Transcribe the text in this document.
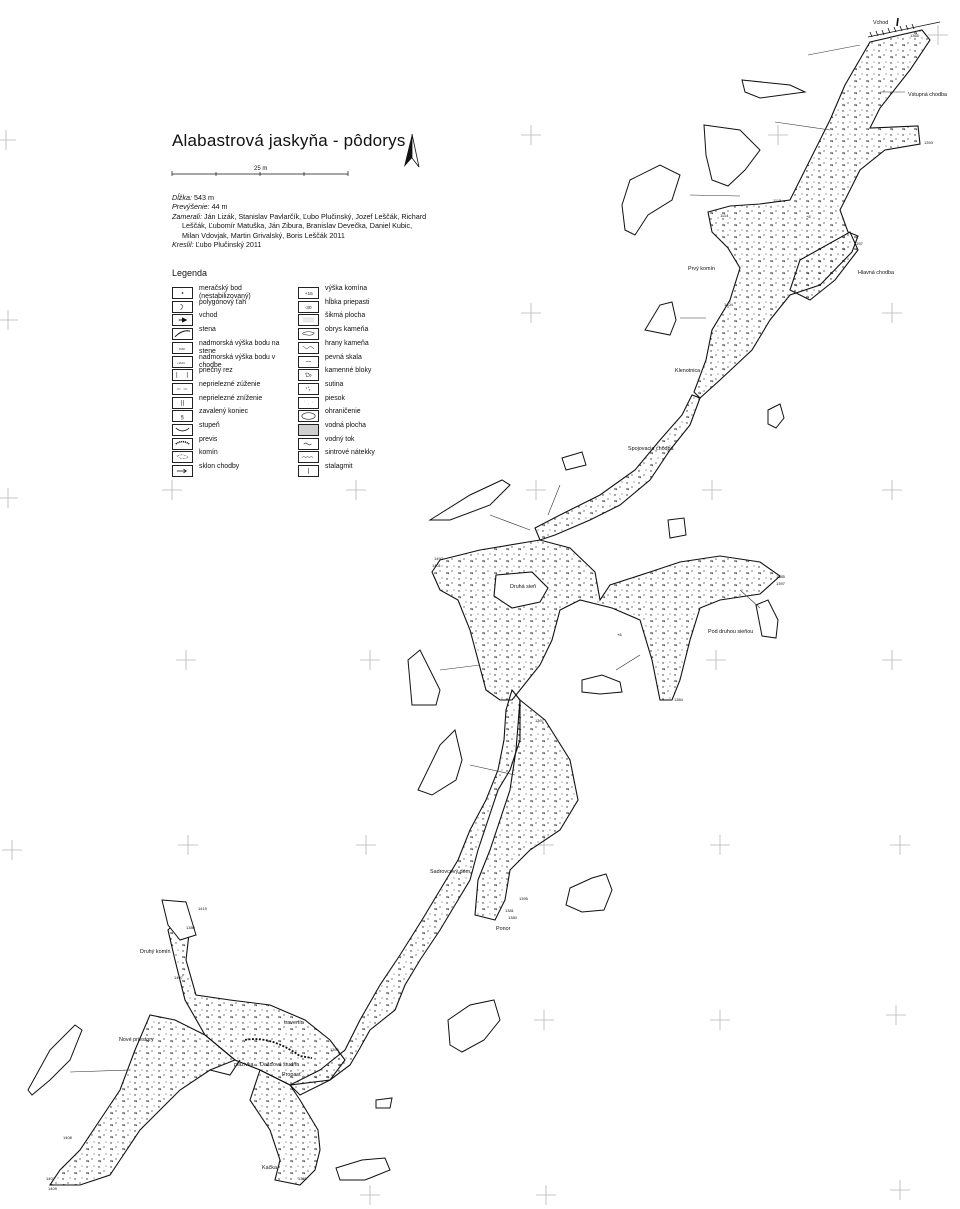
Alabastrová jaskyňa - pôdorys
25 m
Dĺžka: 543 m
Prevýšenie: 44 m
Zamerali: Ján Lizák, Stanislav Pavlarčík, Ľubo Plučinský, Jozef Leščák, Richard
Leščák, Ľubomír Matuška, Ján Zibura, Branislav Devečka, Daniel Kubic,
Milan Vdovjak, Martin Grivalský, Boris Leščák 2011
Kreslil: Ľubo Plučinský 2011
Legenda
meračský bod
(nestabilizovaný)
polygónový ťah
vchod
stena
1650
nadmorská výška bodu na
stene
+1610
nadmorská výška bodu v
chodbe
priečny rez
neprielezné zúženie
neprielezné zníženie
§
zavalený koniec
stupeň
previs
komín
sklon chodby
+15
výška komína
-30
hĺbka priepasti
šikmá plocha
obrys kameňa
hrany kameňa
pevná skala
kamenné bloky
sutina
piesok
ohraničenie
vodná plocha
vodný tok
sintrové nátekky
stalagmit
Vchod
Vstupná chodba
Prvý komín
Hlavná chodba
Klenotnica
Spojovacia chodba
Druhá sieň
Pod druhou sieňou
Sadrovcový dóm
Ponor
Druhý komín
Nové priestory
travertín
plazivka Dažďová studňa
Propasť
Kačka
1365
1393
1397
1115
1114
1404
+8
1493
1401
1385
1397
+8
1384
1397
1395
1381
1380
1419
1380
1407
1396
1391
1408
1407
1409
